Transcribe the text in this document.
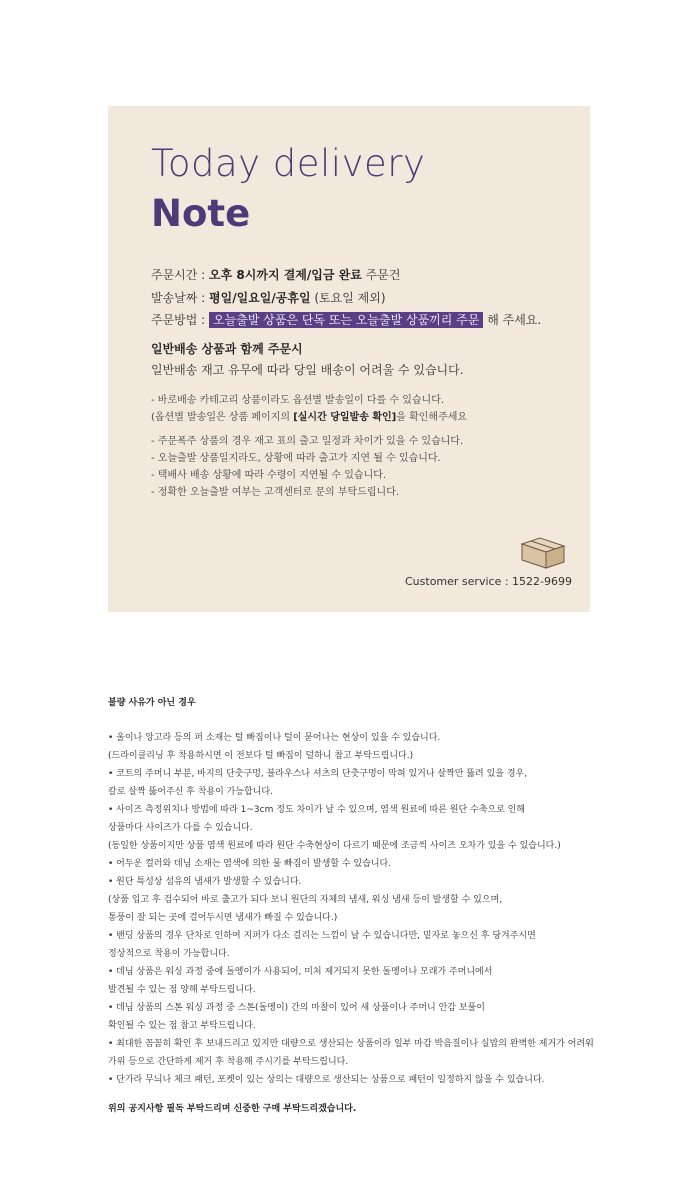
Today delivery
Note
주문시간 : 오후 8시까지 결제/입금 완료 주문건
발송날짜 : 평일/일요일/공휴일 (토요일 제외)
주문방법 : 오늘출발 상품은 단독 또는 오늘출발 상품끼리 주문 해 주세요.
일반배송 상품과 함께 주문시
일반배송 재고 유무에 따라 당일 배송이 어려울 수 있습니다.
- 바로배송 카테고리 상품이라도 옵션별 발송일이 다를 수 있습니다.
(옵션별 발송일은 상품 페이지의 [실시간 당일발송 확인]을 확인해주세요
- 주문폭주 상품의 경우 재고 표의 출고 일정과 차이가 있을 수 있습니다.
- 오늘출발 상품일지라도, 상황에 따라 출고가 지연 될 수 있습니다.
- 택배사 배송 상황에 따라 수령이 지연될 수 있습니다.
- 정확한 오늘출발 여부는 고객센터로 문의 부탁드립니다.
Customer service : 1522-9699
불량 사유가 아닌 경우
• 울이나 앙고라 등의 퍼 소재는 털 빠짐이나 털이 묻어나는 현상이 있을 수 있습니다.
(드라이클리닝 후 착용하시면 이 전보다 털 빠짐이 덜하니 참고 부탁드립니다.)
• 코트의 주머니 부분, 바지의 단춧구멍, 블라우스나 셔츠의 단춧구멍이 막혀 있거나 살짝만 뚫려 있을 경우,
칼로 살짝 뚫어주신 후 착용이 가능합니다.
• 사이즈 측정위치나 방법에 따라 1~3cm 정도 차이가 날 수 있으며, 염색 원료에 따른 원단 수축으로 인해
상품마다 사이즈가 다를 수 있습니다.
(동일한 상품이지만 상품 염색 원료에 따라 원단 수축현상이 다르기 때문에 조금씩 사이즈 오차가 있을 수 있습니다.)
• 어두운 컬러와 데님 소재는 염색에 의한 물 빠짐이 발생할 수 있습니다.
• 원단 특성상 섬유의 냄새가 발생할 수 있습니다.
(상품 입고 후 검수되어 바로 출고가 되다 보니 원단의 자체의 냄새, 워싱 냄새 등이 발생할 수 있으며,
통풍이 잘 되는 곳에 걸어두시면 냄새가 빠질 수 있습니다.)
• 밴딩 상품의 경우 단차로 인하여 지퍼가 다소 걸리는 느낌이 날 수 있습니다만, 밑자로 놓으신 후 당겨주시면
정상적으로 착용이 가능합니다.
• 데님 상품은 워싱 과정 중에 돌멩이가 사용되어, 미처 제거되지 못한 돌멩이나 모래가 주머니에서
발견될 수 있는 점 양해 부탁드립니다.
• 데님 상품의 스톤 워싱 과정 중 스톤(돌멩이) 간의 마찰이 있어 새 상품이나 주머니 안감 보풀이
확인될 수 있는 점 참고 부탁드립니다.
• 최대한 꼼꼼히 확인 후 보내드리고 있지만 대량으로 생산되는 상품이라 일부 마감 박음질이나 실밥의 완벽한 제거가 어려워
가위 등으로 간단하게 제거 후 착용해 주시기를 부탁드립니다.
• 단가라 무늬나 체크 패턴, 포켓이 있는 상의는 대량으로 생산되는 상품으로 패턴이 일정하지 않을 수 있습니다.
위의 공지사항 필독 부탁드리며 신중한 구매 부탁드리겠습니다.
